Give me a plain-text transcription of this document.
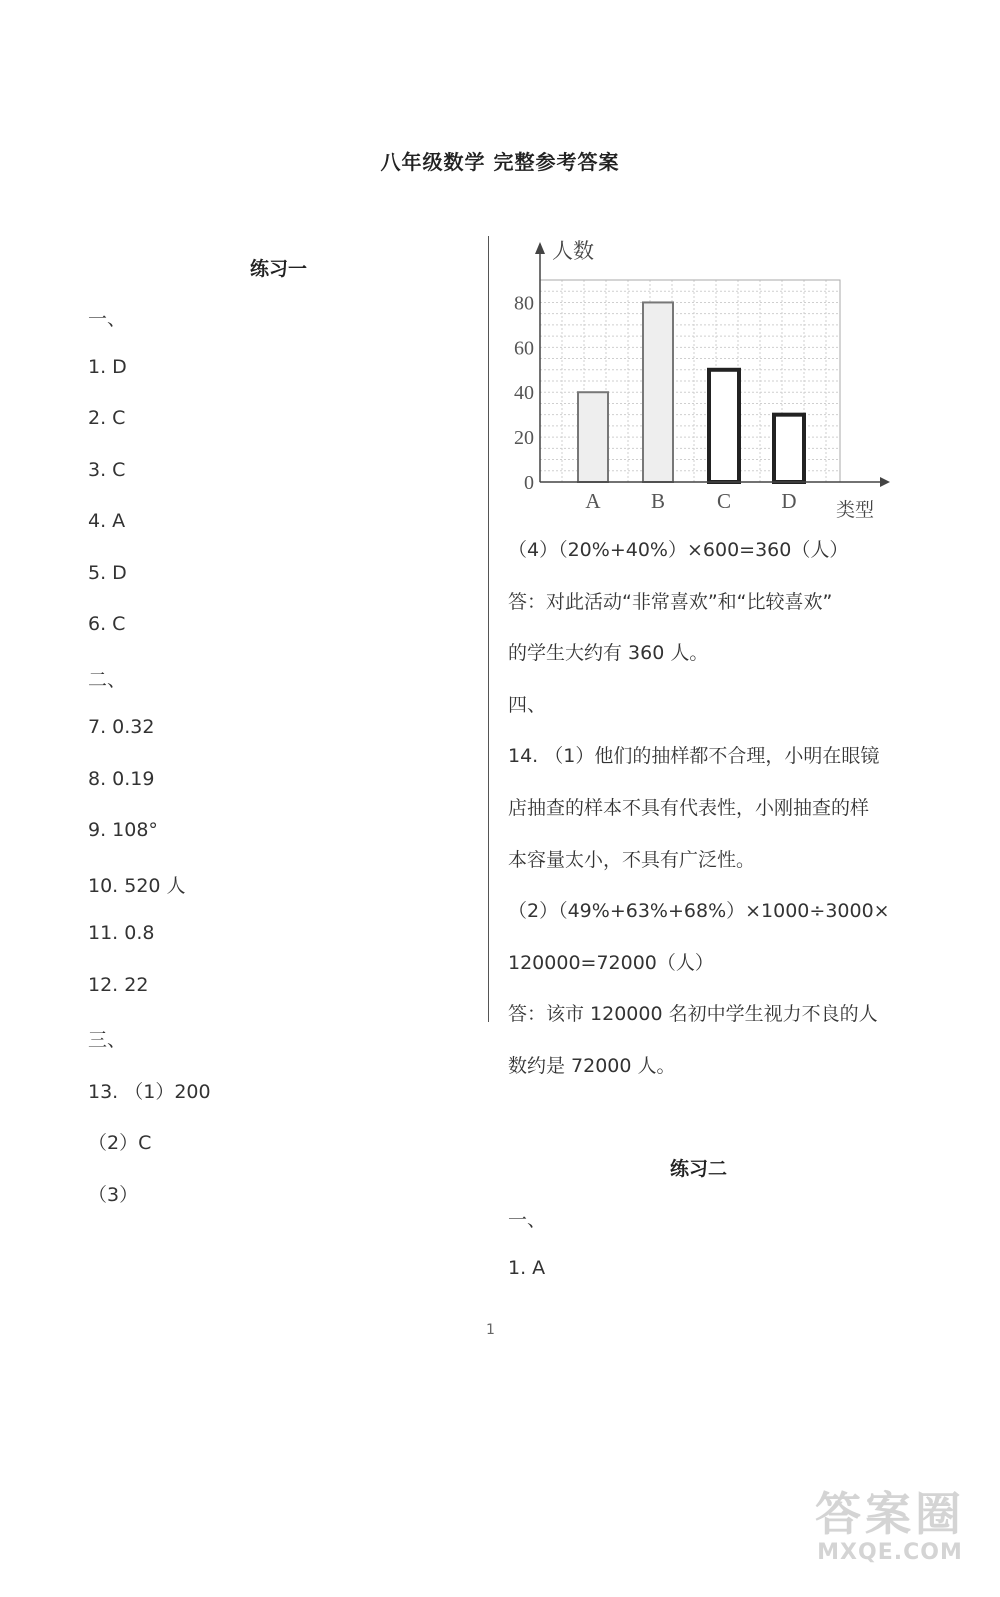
八年级数学 完整参考答案
练习一
一、
1. D
2. C
3. C
4. A
5. D
6. C
二、
7. 0.32
8. 0.19
9. 108°
10. 520 人
11. 0.8
12. 22
三、
13. （1）200
（2）C
（3）
A B C D
0
20
40
60
80
人数
类型
（4）（20%+40%）×600=360（人）
答：对此活动“非常喜欢”和“比较喜欢”
的学生大约有 360 人。
四、
14. （1）他们的抽样都不合理，小明在眼镜
店抽查的样本不具有代表性，小刚抽查的样
本容量太小，不具有广泛性。
（2）（49%+63%+68%）×1000÷3000×
120000=72000（人）
答：该市 120000 名初中学生视力不良的人
数约是 72000 人。
练习二
一、
1. A
1
答案圈
MXQE.COM
